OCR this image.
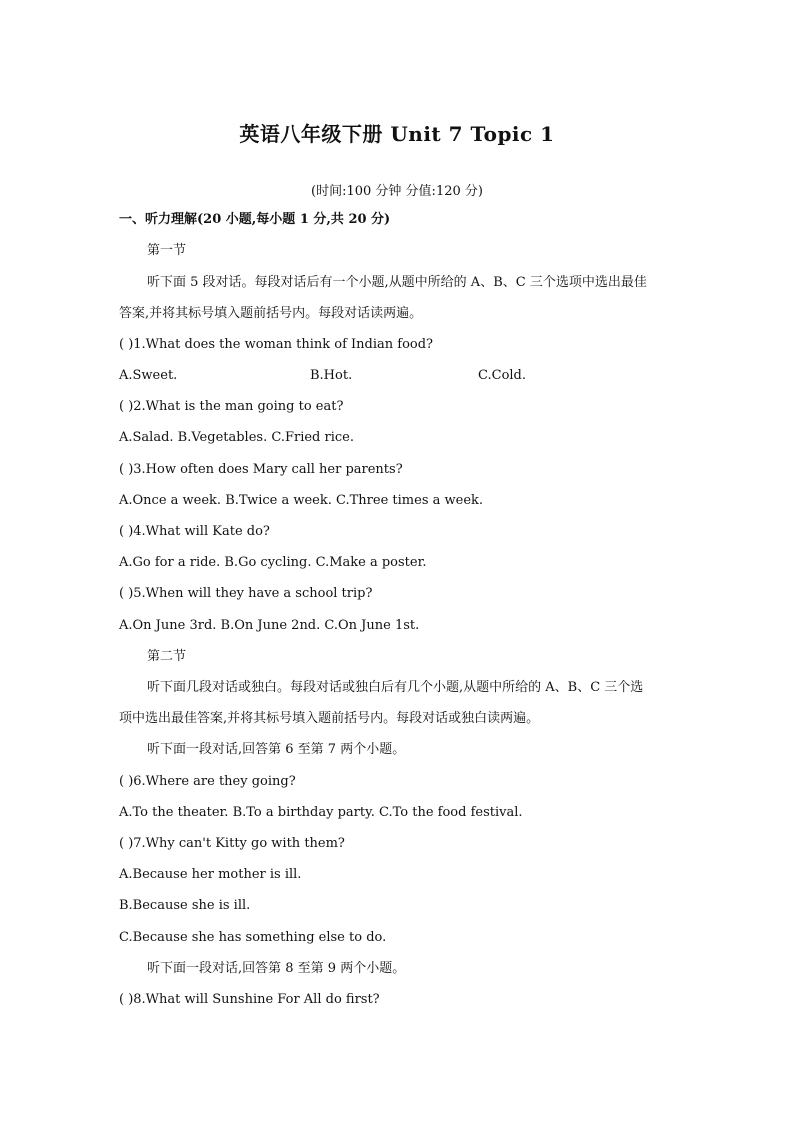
英语八年级下册 Unit 7 Topic 1
(时间:100 分钟 分值:120 分)
一、听力理解(20 小题,每小题 1 分,共 20 分)
第一节
听下面 5 段对话。每段对话后有一个小题,从题中所给的 A、B、C 三个选项中选出最佳
答案,并将其标号填入题前括号内。每段对话读两遍。
( )1.What does the woman think of Indian food?
A.Sweet.	B.Hot.	C.Cold.
( )2.What is the man going to eat?
A.Salad. B.Vegetables. C.Fried rice.
( )3.How often does Mary call her parents?
A.Once a week. B.Twice a week. C.Three times a week.
( )4.What will Kate do?
A.Go for a ride. B.Go cycling. C.Make a poster.
( )5.When will they have a school trip?
A.On June 3rd. B.On June 2nd. C.On June 1st.
第二节
听下面几段对话或独白。每段对话或独白后有几个小题,从题中所给的 A、B、C 三个选
项中选出最佳答案,并将其标号填入题前括号内。每段对话或独白读两遍。
听下面一段对话,回答第 6 至第 7 两个小题。
( )6.Where are they going?
A.To the theater. B.To a birthday party. C.To the food festival.
( )7.Why can't Kitty go with them?
A.Because her mother is ill.
B.Because she is ill.
C.Because she has something else to do.
听下面一段对话,回答第 8 至第 9 两个小题。
( )8.What will Sunshine For All do first?
